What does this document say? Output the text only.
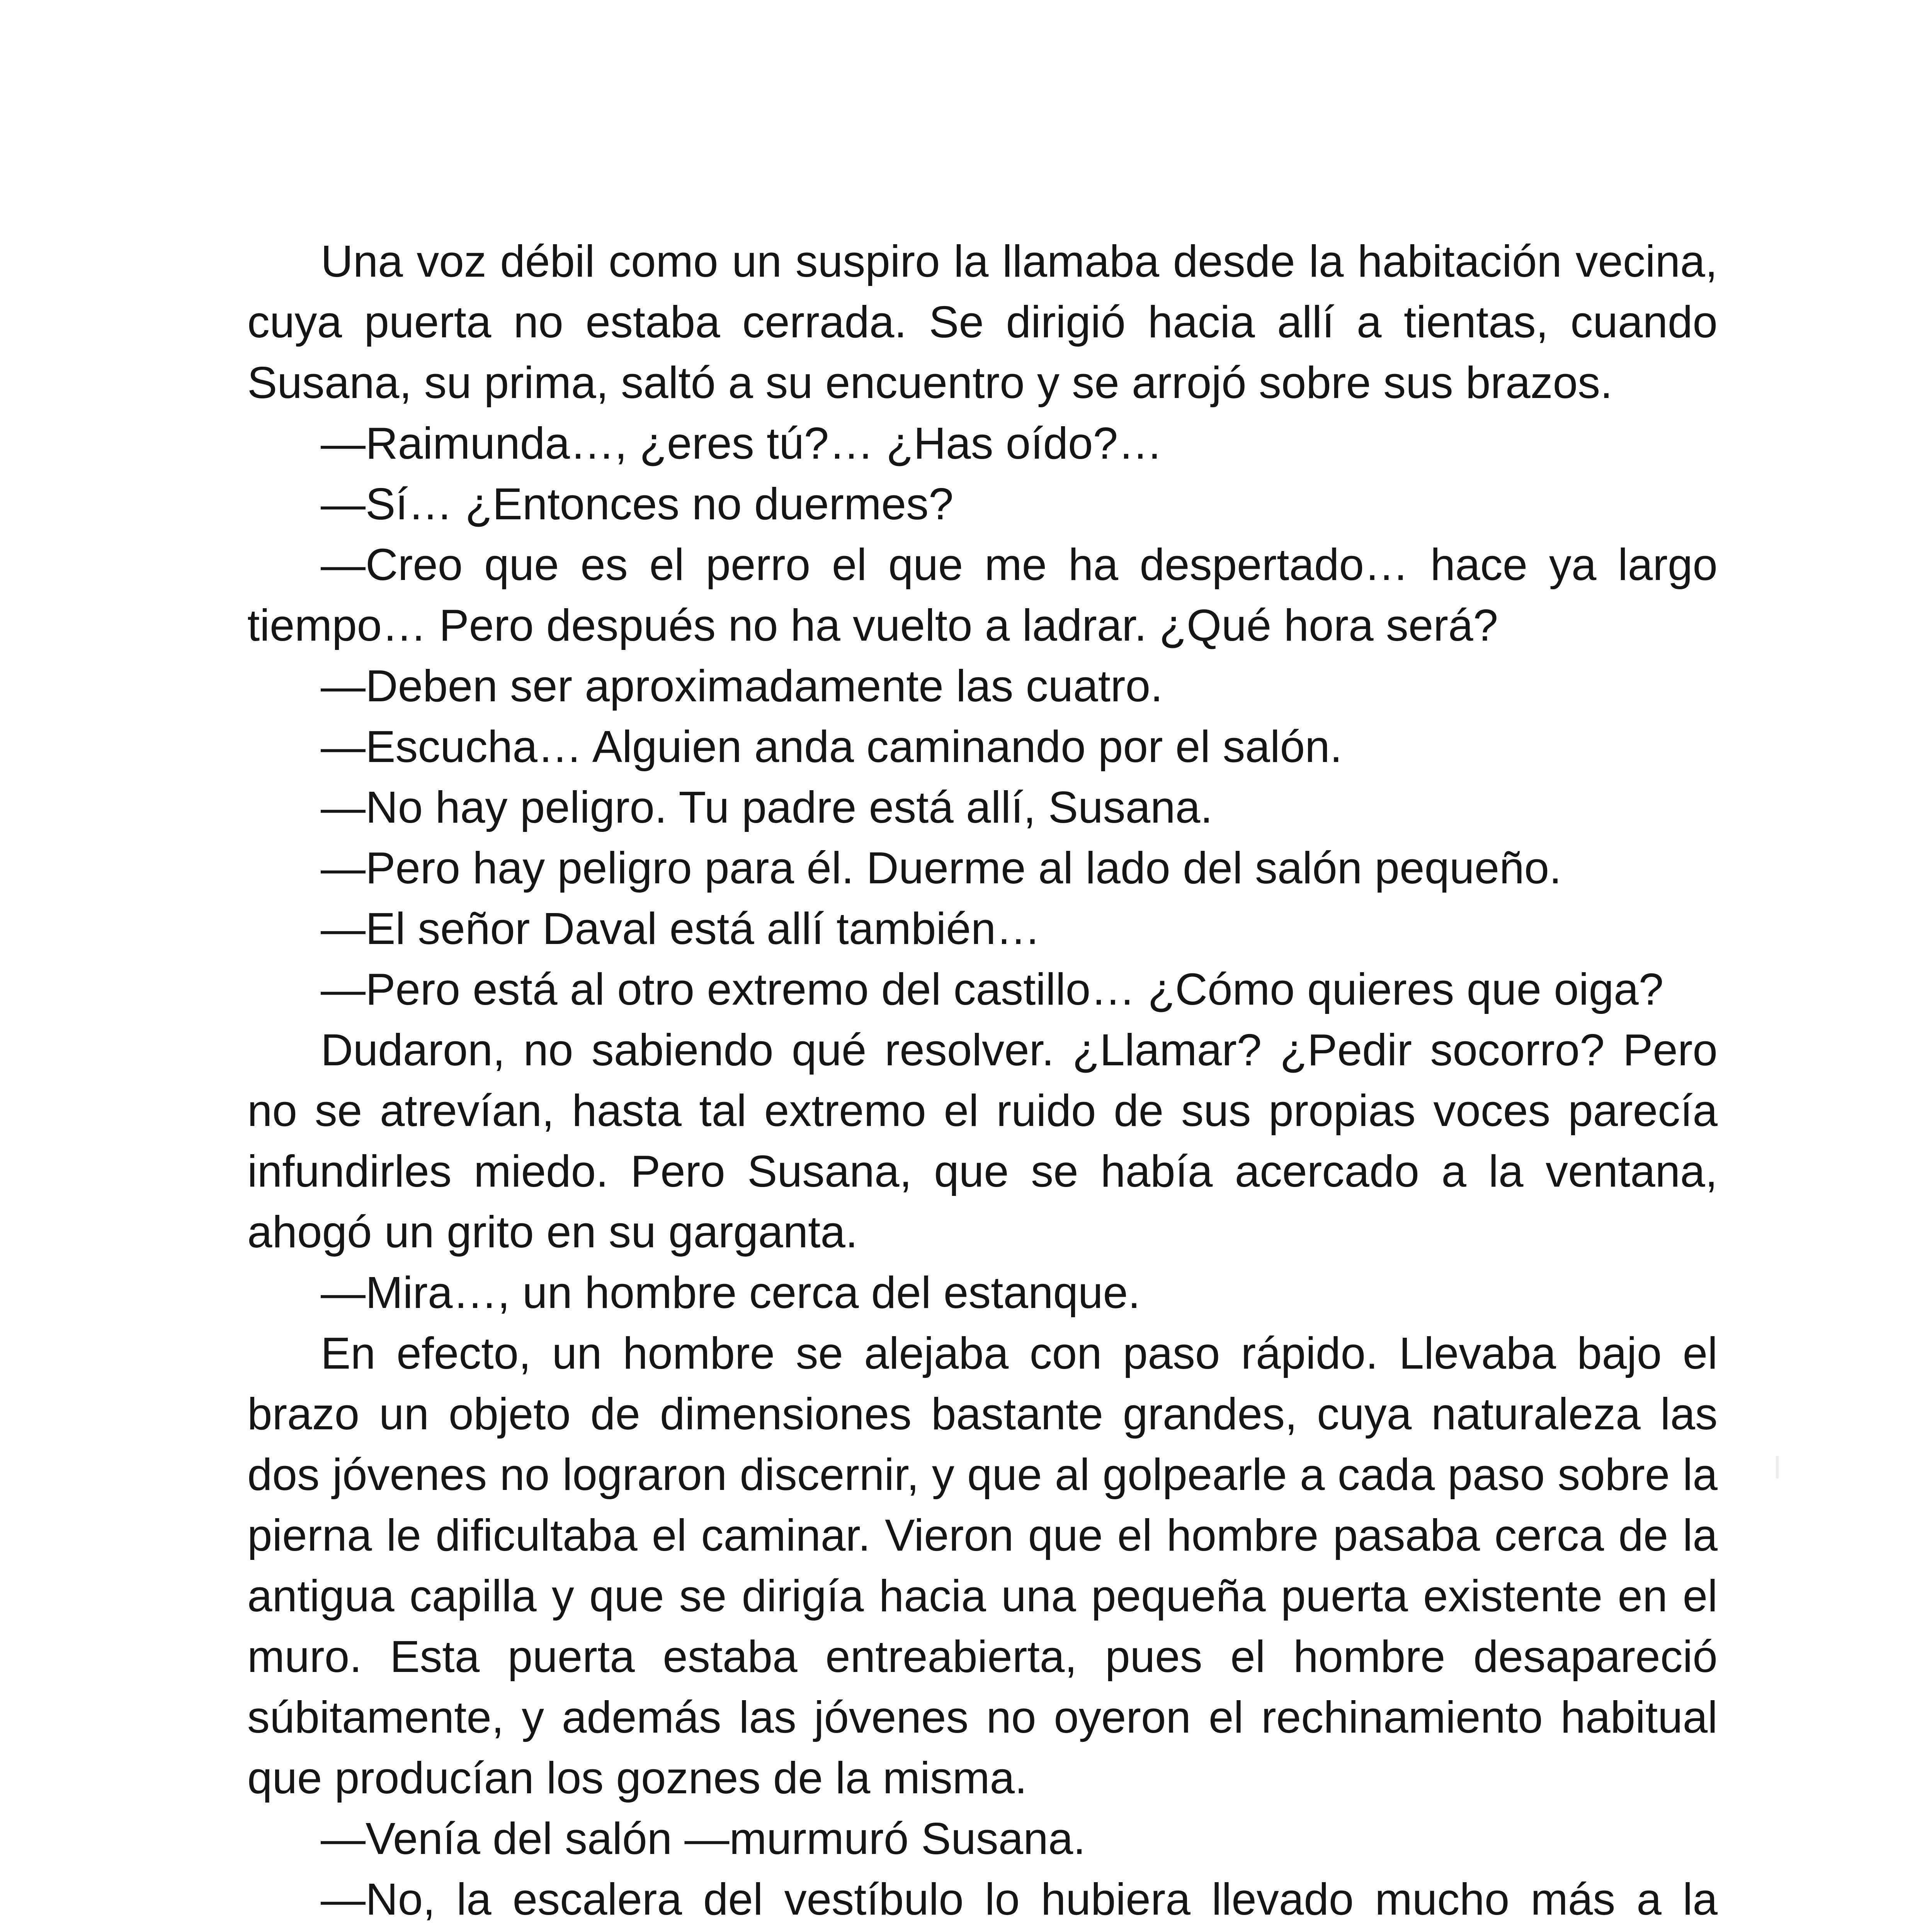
Una voz débil como un suspiro la llamaba desde la habitación vecina, cuya puerta no estaba cerrada. Se dirigió hacia allí a tientas, cuando Susana, su prima, saltó a su encuentro y se arrojó sobre sus brazos.

—Raimunda…, ¿eres tú?… ¿Has oído?…

—Sí… ¿Entonces no duermes?

—Creo que es el perro el que me ha despertado… hace ya largo tiempo… Pero después no ha vuelto a ladrar. ¿Qué hora será?

—Deben ser aproximadamente las cuatro.

—Escucha… Alguien anda caminando por el salón.

—No hay peligro. Tu padre está allí, Susana.

—Pero hay peligro para él. Duerme al lado del salón pequeño.

—El señor Daval está allí también…

—Pero está al otro extremo del castillo… ¿Cómo quieres que oiga?

Dudaron, no sabiendo qué resolver. ¿Llamar? ¿Pedir socorro? Pero no se atrevían, hasta tal extremo el ruido de sus propias voces parecía infundirles miedo. Pero Susana, que se había acercado a la ventana, ahogó un grito en su garganta.

—Mira…, un hombre cerca del estanque.

En efecto, un hombre se alejaba con paso rápido. Llevaba bajo el brazo un objeto de dimensiones bastante grandes, cuya naturaleza las dos jóvenes no lograron discernir, y que al golpearle a cada paso sobre la pierna le dificultaba el caminar. Vieron que el hombre pasaba cerca de la antigua capilla y que se dirigía hacia una pequeña puerta existente en el muro. Esta puerta estaba entreabierta, pues el hombre desapareció súbitamente, y además las jóvenes no oyeron el rechinamiento habitual que producían los goznes de la misma.

—Venía del salón —murmuró Susana.

—No, la escalera del vestíbulo lo hubiera llevado mucho más a la
